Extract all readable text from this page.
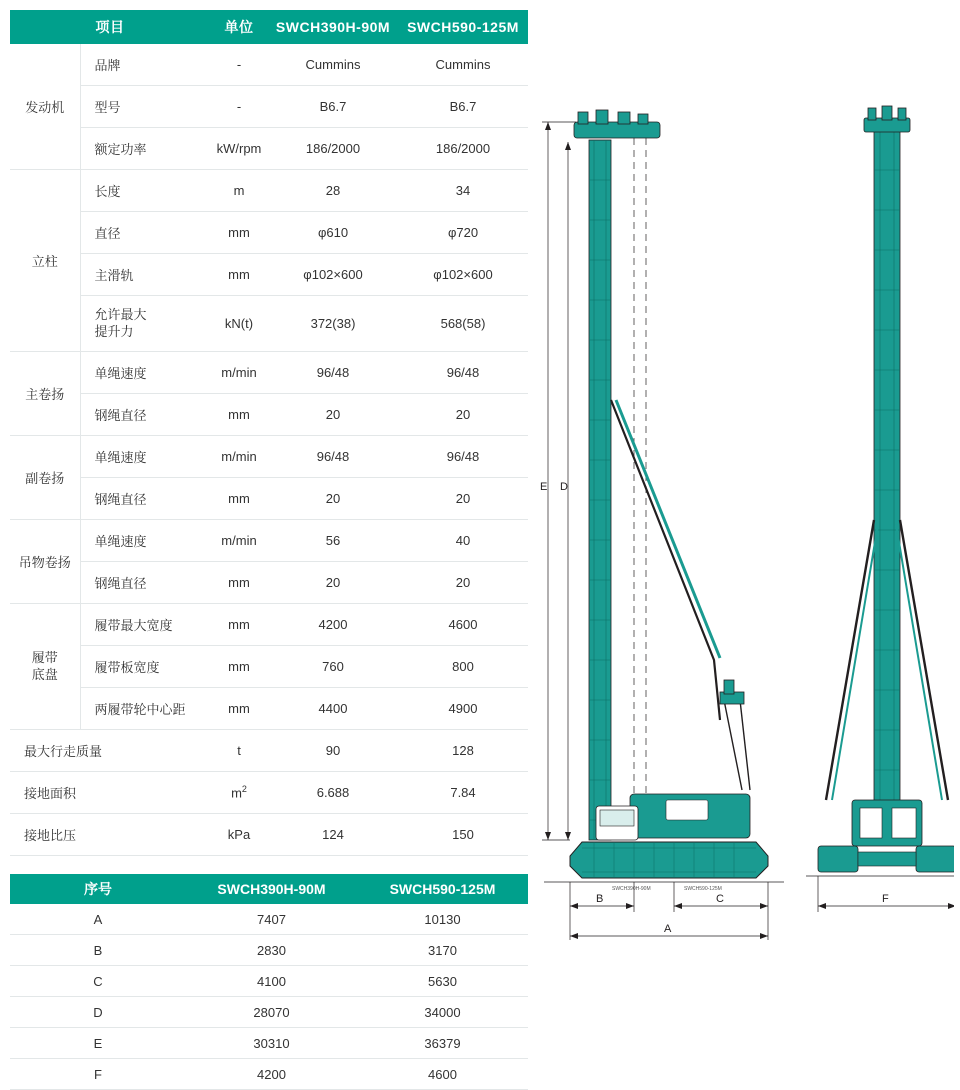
项目		单位	SWCH390H-90M	SWCH590-125M
发动机	品牌	-	Cummins	Cummins
	型号	-	B6.7	B6.7
	额定功率	kW/rpm	186/2000	186/2000
立柱	长度	m	28	34
	直径	mm	φ610	φ720
	主滑轨	mm	φ102×600	φ102×600
	允许最大
提升力	kN(t)	372(38)	568(58)
主卷扬	单绳速度	m/min	96/48	96/48
	钢绳直径	mm	20	20
副卷扬	单绳速度	m/min	96/48	96/48
	钢绳直径	mm	20	20
吊物卷扬	单绳速度	m/min	56	40
	钢绳直径	mm	20	20
履带
底盘	履带最大宽度	mm	4200	4600
	履带板宽度	mm	760	800
	两履带轮中心距	mm	4400	4900
最大行走质量		t	90	128
接地面积		$m^2$	6.688	7.84
接地比压		kPa	124	150
序号	SWCH390H-90M	SWCH590-125M
A	7407	10130
B	2830	3170
C	4100	5630
D	28070	34000
E	30310	36379
F	4200	4600
E D
B	C
A
F
SWCH390H-90M	SWCH590-125M
